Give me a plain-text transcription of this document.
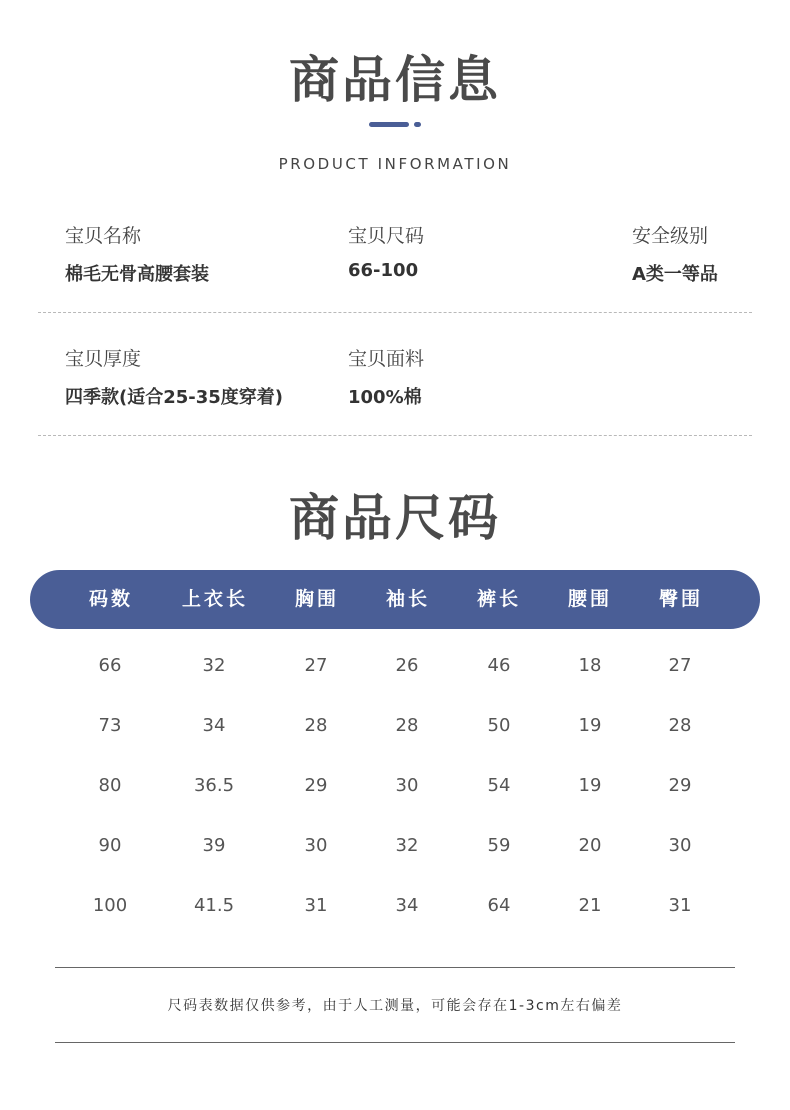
商品信息
PRODUCT INFORMATION
宝贝名称
棉毛无骨高腰套装
宝贝尺码
66-100
安全级别
A类一等品
宝贝厚度
四季款(适合25-35度穿着)
宝贝面料
100%棉
商品尺码
码数	上衣长	胸围	袖长	裤长	腰围	臀围
66	32	27	26	46	18	27
73	34	28	28	50	19	28
80	36.5	29	30	54	19	29
90	39	30	32	59	20	30
100	41.5	31	34	64	21	31
尺码表数据仅供参考，由于人工测量，可能会存在1-3cm左右偏差
